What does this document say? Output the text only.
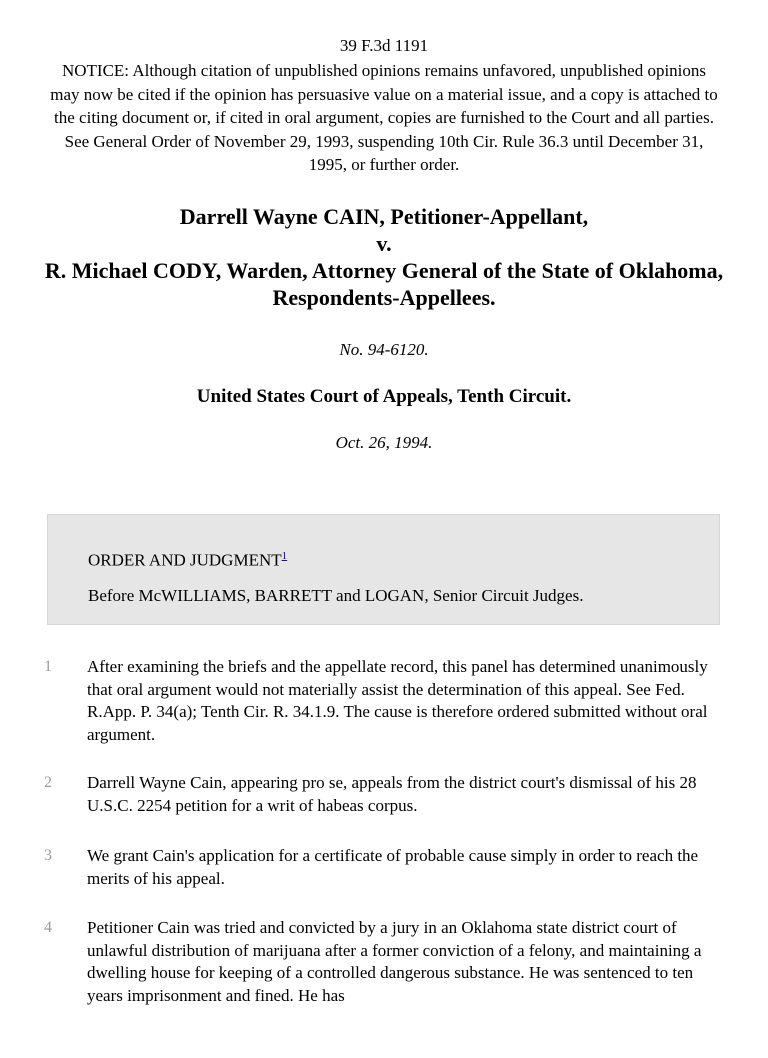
39 F.3d 1191
NOTICE: Although citation of unpublished opinions remains unfavored, unpublished opinions may now be cited if the opinion has persuasive value on a material issue, and a copy is attached to the citing document or, if cited in oral argument, copies are furnished to the Court and all parties. See General Order of November 29, 1993, suspending 10th Cir. Rule 36.3 until December 31, 1995, or further order.
Darrell Wayne CAIN, Petitioner-Appellant,
v.
R. Michael CODY, Warden, Attorney General of the State of Oklahoma, Respondents-Appellees.
No. 94-6120.
United States Court of Appeals, Tenth Circuit.
Oct. 26, 1994.
ORDER AND JUDGMENT$^1$
Before McWILLIAMS, BARRETT and LOGAN, Senior Circuit Judges.
1 After examining the briefs and the appellate record, this panel has determined unanimously that oral argument would not materially assist the determination of this appeal. See Fed. R.App. P. 34(a); Tenth Cir. R. 34.1.9. The cause is therefore ordered submitted without oral argument.
2 Darrell Wayne Cain, appearing pro se, appeals from the district court's dismissal of his 28 U.S.C. 2254 petition for a writ of habeas corpus.
3 We grant Cain's application for a certificate of probable cause simply in order to reach the merits of his appeal.
4 Petitioner Cain was tried and convicted by a jury in an Oklahoma state district court of unlawful distribution of marijuana after a former conviction of a felony, and maintaining a dwelling house for keeping of a controlled dangerous substance. He was sentenced to ten years imprisonment and fined. He has
